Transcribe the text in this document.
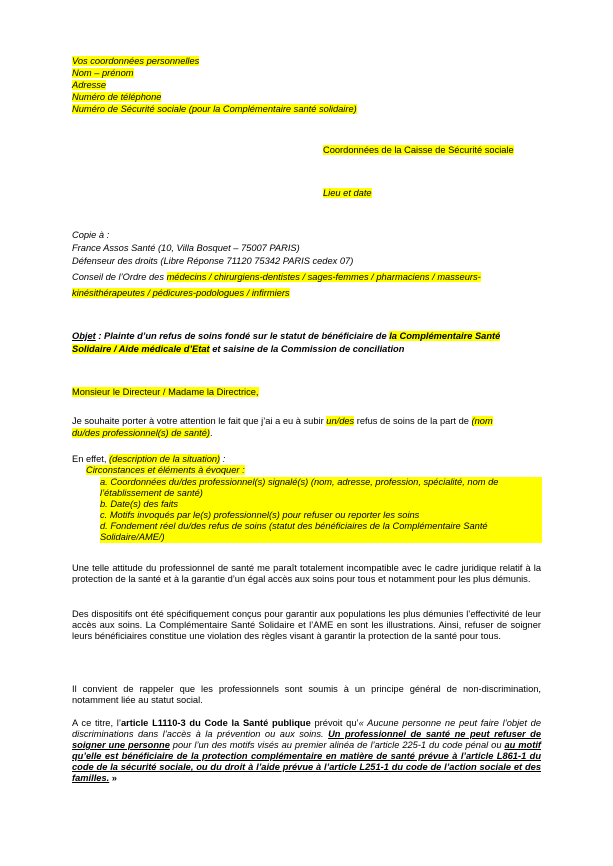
Vos coordonnées personnelles
Nom – prénom
Adresse
Numéro de téléphone
Numéro de Sécurité sociale (pour la Complémentaire santé solidaire)
Coordonnées de la Caisse de Sécurité sociale
Lieu et date
Copie à :
France Assos Santé (10, Villa Bosquet – 75007 PARIS)
Défenseur des droits (Libre Réponse 71120 75342 PARIS cedex 07)
Conseil de l’Ordre des médecins / chirurgiens-dentistes / sages-femmes / pharmaciens / masseurs-
kinésithérapeutes / pédicures-podologues / infirmiers
Objet : Plainte d’un refus de soins fondé sur le statut de bénéficiaire de la Complémentaire Santé
Solidaire / Aide médicale d’Etat et saisine de la Commission de conciliation
Monsieur le Directeur / Madame la Directrice,
Je souhaite porter à votre attention le fait que j’ai a eu à subir un/des refus de soins de la part de (nom
du/des professionnel(s) de santé).
En effet, (description de la situation) :
Circonstances et éléments à évoquer :
a. Coordonnées du/des professionnel(s) signalé(s) (nom, adresse, profession, spécialité, nom de
l’établissement de santé)
b. Date(s) des faits
c. Motifs invoqués par le(s) professionnel(s) pour refuser ou reporter les soins
d. Fondement réel du/des refus de soins (statut des bénéficiaires de la Complémentaire Santé
Solidaire/AME/)
Une telle attitude du professionnel de santé me paraît totalement incompatible avec le cadre juridique relatif à la protection de la santé et à la garantie d’un égal accès aux soins pour tous et notamment pour les plus démunis.
Des dispositifs ont été spécifiquement conçus pour garantir aux populations les plus démunies l’effectivité de leur accès aux soins. La Complémentaire Santé Solidaire et l’AME en sont les illustrations. Ainsi, refuser de soigner leurs bénéficiaires constitue une violation des règles visant à garantir la protection de la santé pour tous.
Il convient de rappeler que les professionnels sont soumis à un principe général de non-discrimination, notamment liée au statut social.
A ce titre, l’article L1110-3 du Code la Santé publique prévoit qu’« Aucune personne ne peut faire l’objet de discriminations dans l’accès à la prévention ou aux soins. Un professionnel de santé ne peut refuser de soigner une personne pour l’un des motifs visés au premier alinéa de l’article 225-1 du code pénal ou au motif qu’elle est bénéficiaire de la protection complémentaire en matière de santé prévue à l’article L861-1 du code de la sécurité sociale, ou du droit à l’aide prévue à l’article L251-1 du code de l’action sociale et des familles. »
